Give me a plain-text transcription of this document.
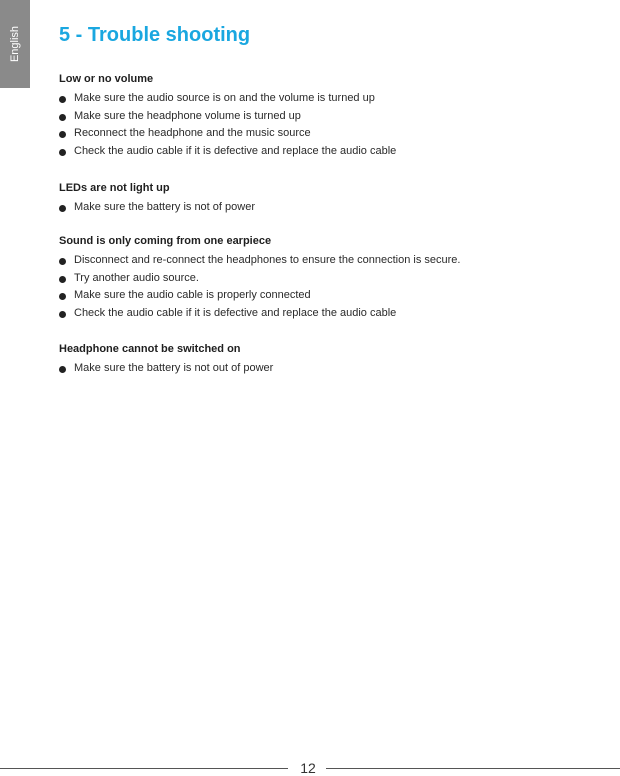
English 5 - Trouble shooting
Low or no volume
Make sure the audio source is on and the volume is turned up
Make sure the headphone volume is turned up
Reconnect the headphone and the music source
Check the audio cable if it is defective and replace the audio cable
LEDs are not light up
Make sure the battery is not of power
Sound is only coming from one earpiece
Disconnect and re-connect the headphones to ensure the connection is secure.
Try another audio source.
Make sure the audio cable is properly connected
Check the audio cable if it is defective and replace the audio cable
Headphone cannot be switched on
Make sure the battery is not out of power
12
